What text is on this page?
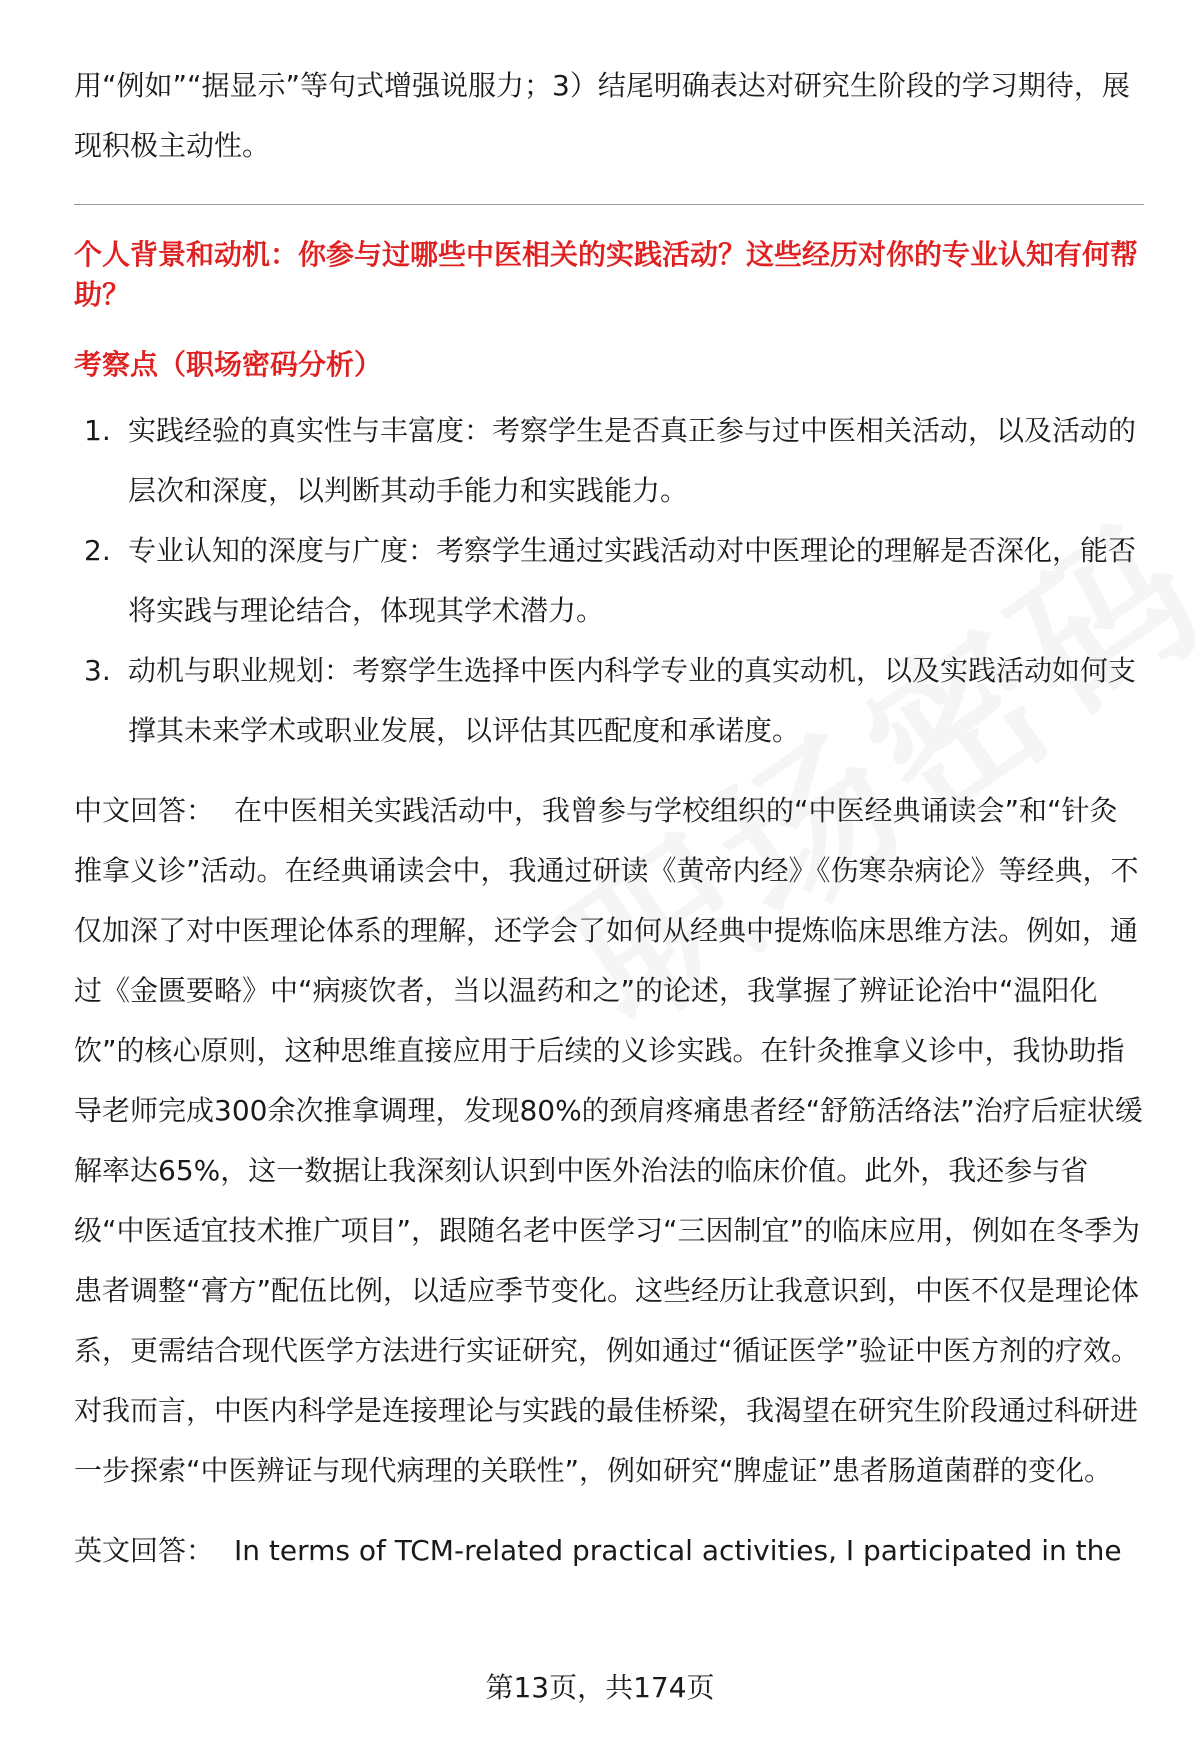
用“例如”“据显示”等句式增强说服力；3）结尾明确表达对研究生阶段的学习期待，展现积极主动性。

个人背景和动机：你参与过哪些中医相关的实践活动？这些经历对你的专业认知有何帮助？

考察点（职场密码分析）

1. 实践经验的真实性与丰富度：考察学生是否真正参与过中医相关活动，以及活动的层次和深度，以判断其动手能力和实践能力。
2. 专业认知的深度与广度：考察学生通过实践活动对中医理论的理解是否深化，能否将实践与理论结合，体现其学术潜力。
3. 动机与职业规划：考察学生选择中医内科学专业的真实动机，以及实践活动如何支撑其未来学术或职业发展，以评估其匹配度和承诺度。

中文回答： 在中医相关实践活动中，我曾参与学校组织的“中医经典诵读会”和“针灸推拿义诊”活动。在经典诵读会中，我通过研读《黄帝内经》《伤寒杂病论》等经典，不仅加深了对中医理论体系的理解，还学会了如何从经典中提炼临床思维方法。例如，通过《金匮要略》中“病痰饮者，当以温药和之”的论述，我掌握了辨证论治中“温阳化饮”的核心原则，这种思维直接应用于后续的义诊实践。在针灸推拿义诊中，我协助指导老师完成300余次推拿调理，发现80%的颈肩疼痛患者经“舒筋活络法”治疗后症状缓解率达65%，这一数据让我深刻认识到中医外治法的临床价值。此外，我还参与省级“中医适宜技术推广项目”，跟随名老中医学习“三因制宜”的临床应用，例如在冬季为患者调整“膏方”配伍比例，以适应季节变化。这些经历让我意识到，中医不仅是理论体系，更需结合现代医学方法进行实证研究，例如通过“循证医学”验证中医方剂的疗效。对我而言，中医内科学是连接理论与实践的最佳桥梁，我渴望在研究生阶段通过科研进一步探索“中医辨证与现代病理的关联性”，例如研究“脾虚证”患者肠道菌群的变化。

英文回答： In terms of TCM-related practical activities, I participated in the

第13页，共174页
